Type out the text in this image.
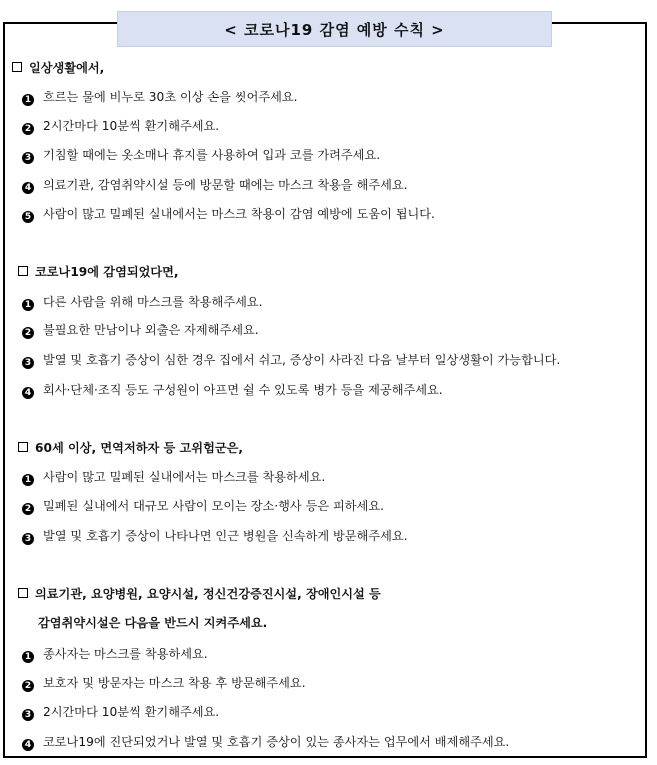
< 코로나19 감염 예방 수칙 >
일상생활에서,
1 흐르는 물에 비누로 30초 이상 손을 씻어주세요.
2 2시간마다 10분씩 환기해주세요.
3 기침할 때에는 옷소매나 휴지를 사용하여 입과 코를 가려주세요.
4 의료기관, 감염취약시설 등에 방문할 때에는 마스크 착용을 해주세요.
5 사람이 많고 밀폐된 실내에서는 마스크 착용이 감염 예방에 도움이 됩니다.
코로나19에 감염되었다면,
1 다른 사람을 위해 마스크를 착용해주세요.
2 불필요한 만남이나 외출은 자제해주세요.
3 발열 및 호흡기 증상이 심한 경우 집에서 쉬고, 증상이 사라진 다음 날부터 일상생활이 가능합니다.
4 회사·단체·조직 등도 구성원이 아프면 쉴 수 있도록 병가 등을 제공해주세요.
60세 이상, 면역저하자 등 고위험군은,
1 사람이 많고 밀폐된 실내에서는 마스크를 착용하세요.
2 밀폐된 실내에서 대규모 사람이 모이는 장소·행사 등은 피하세요.
3 발열 및 호흡기 증상이 나타나면 인근 병원을 신속하게 방문해주세요.
의료기관, 요양병원, 요양시설, 정신건강증진시설, 장애인시설 등
감염취약시설은 다음을 반드시 지켜주세요.
1 종사자는 마스크를 착용하세요.
2 보호자 및 방문자는 마스크 착용 후 방문해주세요.
3 2시간마다 10분씩 환기해주세요.
4 코로나19에 진단되었거나 발열 및 호흡기 증상이 있는 종사자는 업무에서 배제해주세요.
